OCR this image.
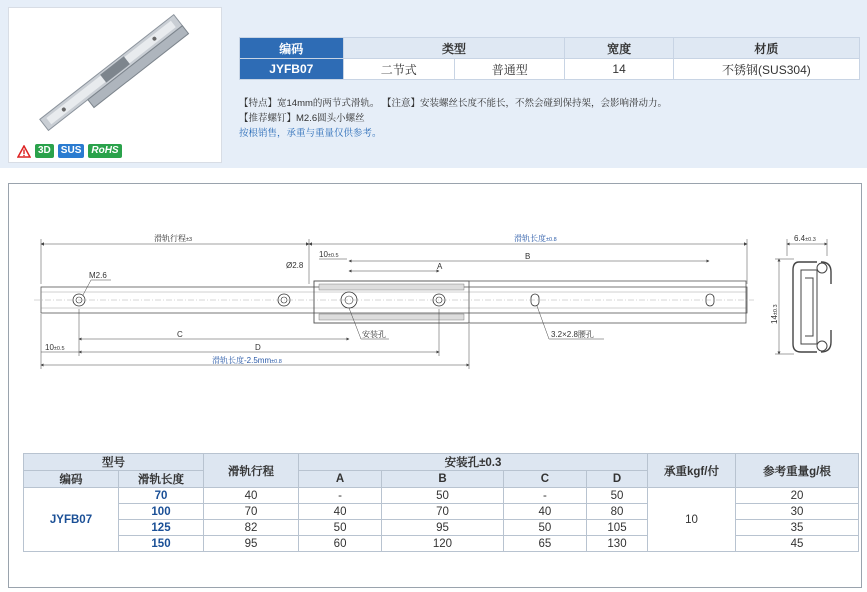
3D	SUS	RoHS
编码	类型		宽度	材质
JYFB07	二节式	普通型	14	不锈钢(SUS304)
【特点】宽14mm的两节式滑轨。 【注意】安装螺丝长度不能长，不然会碰到保持架，会影响滑动力。
【推荐螺钉】M2.6圆头小螺丝
按根销售，承重与重量仅供参考。
滑轨行程±3	滑轨长度±0.8
10±0.5
Ø2.8
B
A
M2.6
安装孔	3.2×2.8腰孔
10±0.5
C
D
滑轨长度-2.5mm±0.8
6.4±0.3
14±0.3
型号		滑轨行程	安装孔±0.3				承重kgf/付	参考重量g/根
编码	滑轨长度		A	B	C	D		
JYFB07	70	40	-	50	-	50	10	20
	100	70	40	70	40	80		30
	125	82	50	95	50	105		35
	150	95	60	120	65	130		45
